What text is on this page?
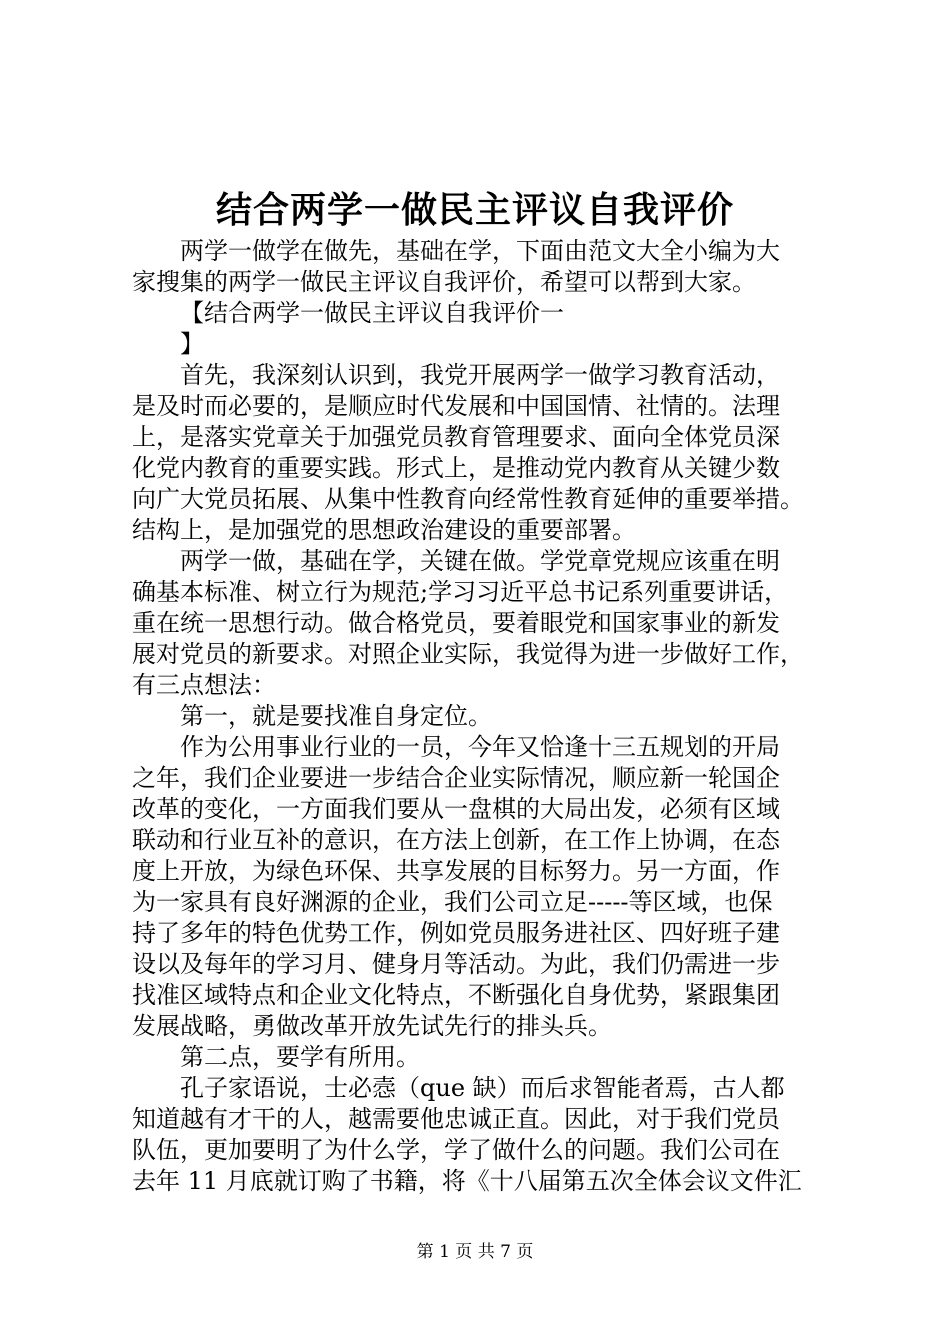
结合两学一做民主评议自我评价

两学一做学在做先，基础在学，下面由范文大全小编为大

家搜集的两学一做民主评议自我评价，希望可以帮到大家。

【结合两学一做民主评议自我评价一

】

首先，我深刻认识到，我党开展两学一做学习教育活动，

是及时而必要的，是顺应时代发展和中国国情、社情的。法理

上，是落实党章关于加强党员教育管理要求、面向全体党员深

化党内教育的重要实践。形式上，是推动党内教育从关键少数

向广大党员拓展、从集中性教育向经常性教育延伸的重要举措。

结构上，是加强党的思想政治建设的重要部署。

两学一做，基础在学，关键在做。学党章党规应该重在明

确基本标准、树立行为规范;学习习近平总书记系列重要讲话，

重在统一思想行动。做合格党员，要着眼党和国家事业的新发

展对党员的新要求。对照企业实际，我觉得为进一步做好工作，

有三点想法：

第一，就是要找准自身定位。

作为公用事业行业的一员，今年又恰逢十三五规划的开局

之年，我们企业要进一步结合企业实际情况，顺应新一轮国企

改革的变化，一方面我们要从一盘棋的大局出发，必须有区域

联动和行业互补的意识，在方法上创新，在工作上协调，在态

度上开放，为绿色环保、共享发展的目标努力。另一方面，作

为一家具有良好渊源的企业，我们公司立足-----等区域，也保

持了多年的特色优势工作，例如党员服务进社区、四好班子建

设以及每年的学习月、健身月等活动。为此，我们仍需进一步

找准区域特点和企业文化特点，不断强化自身优势，紧跟集团

发展战略，勇做改革开放先试先行的排头兵。

第二点，要学有所用。

孔子家语说，士必悫（que 缺）而后求智能者焉，古人都

知道越有才干的人，越需要他忠诚正直。因此，对于我们党员

队伍，更加要明了为什么学，学了做什么的问题。我们公司在

去年 11 月底就订购了书籍，将《十八届第五次全体会议文件汇

第 1 页 共 7 页
